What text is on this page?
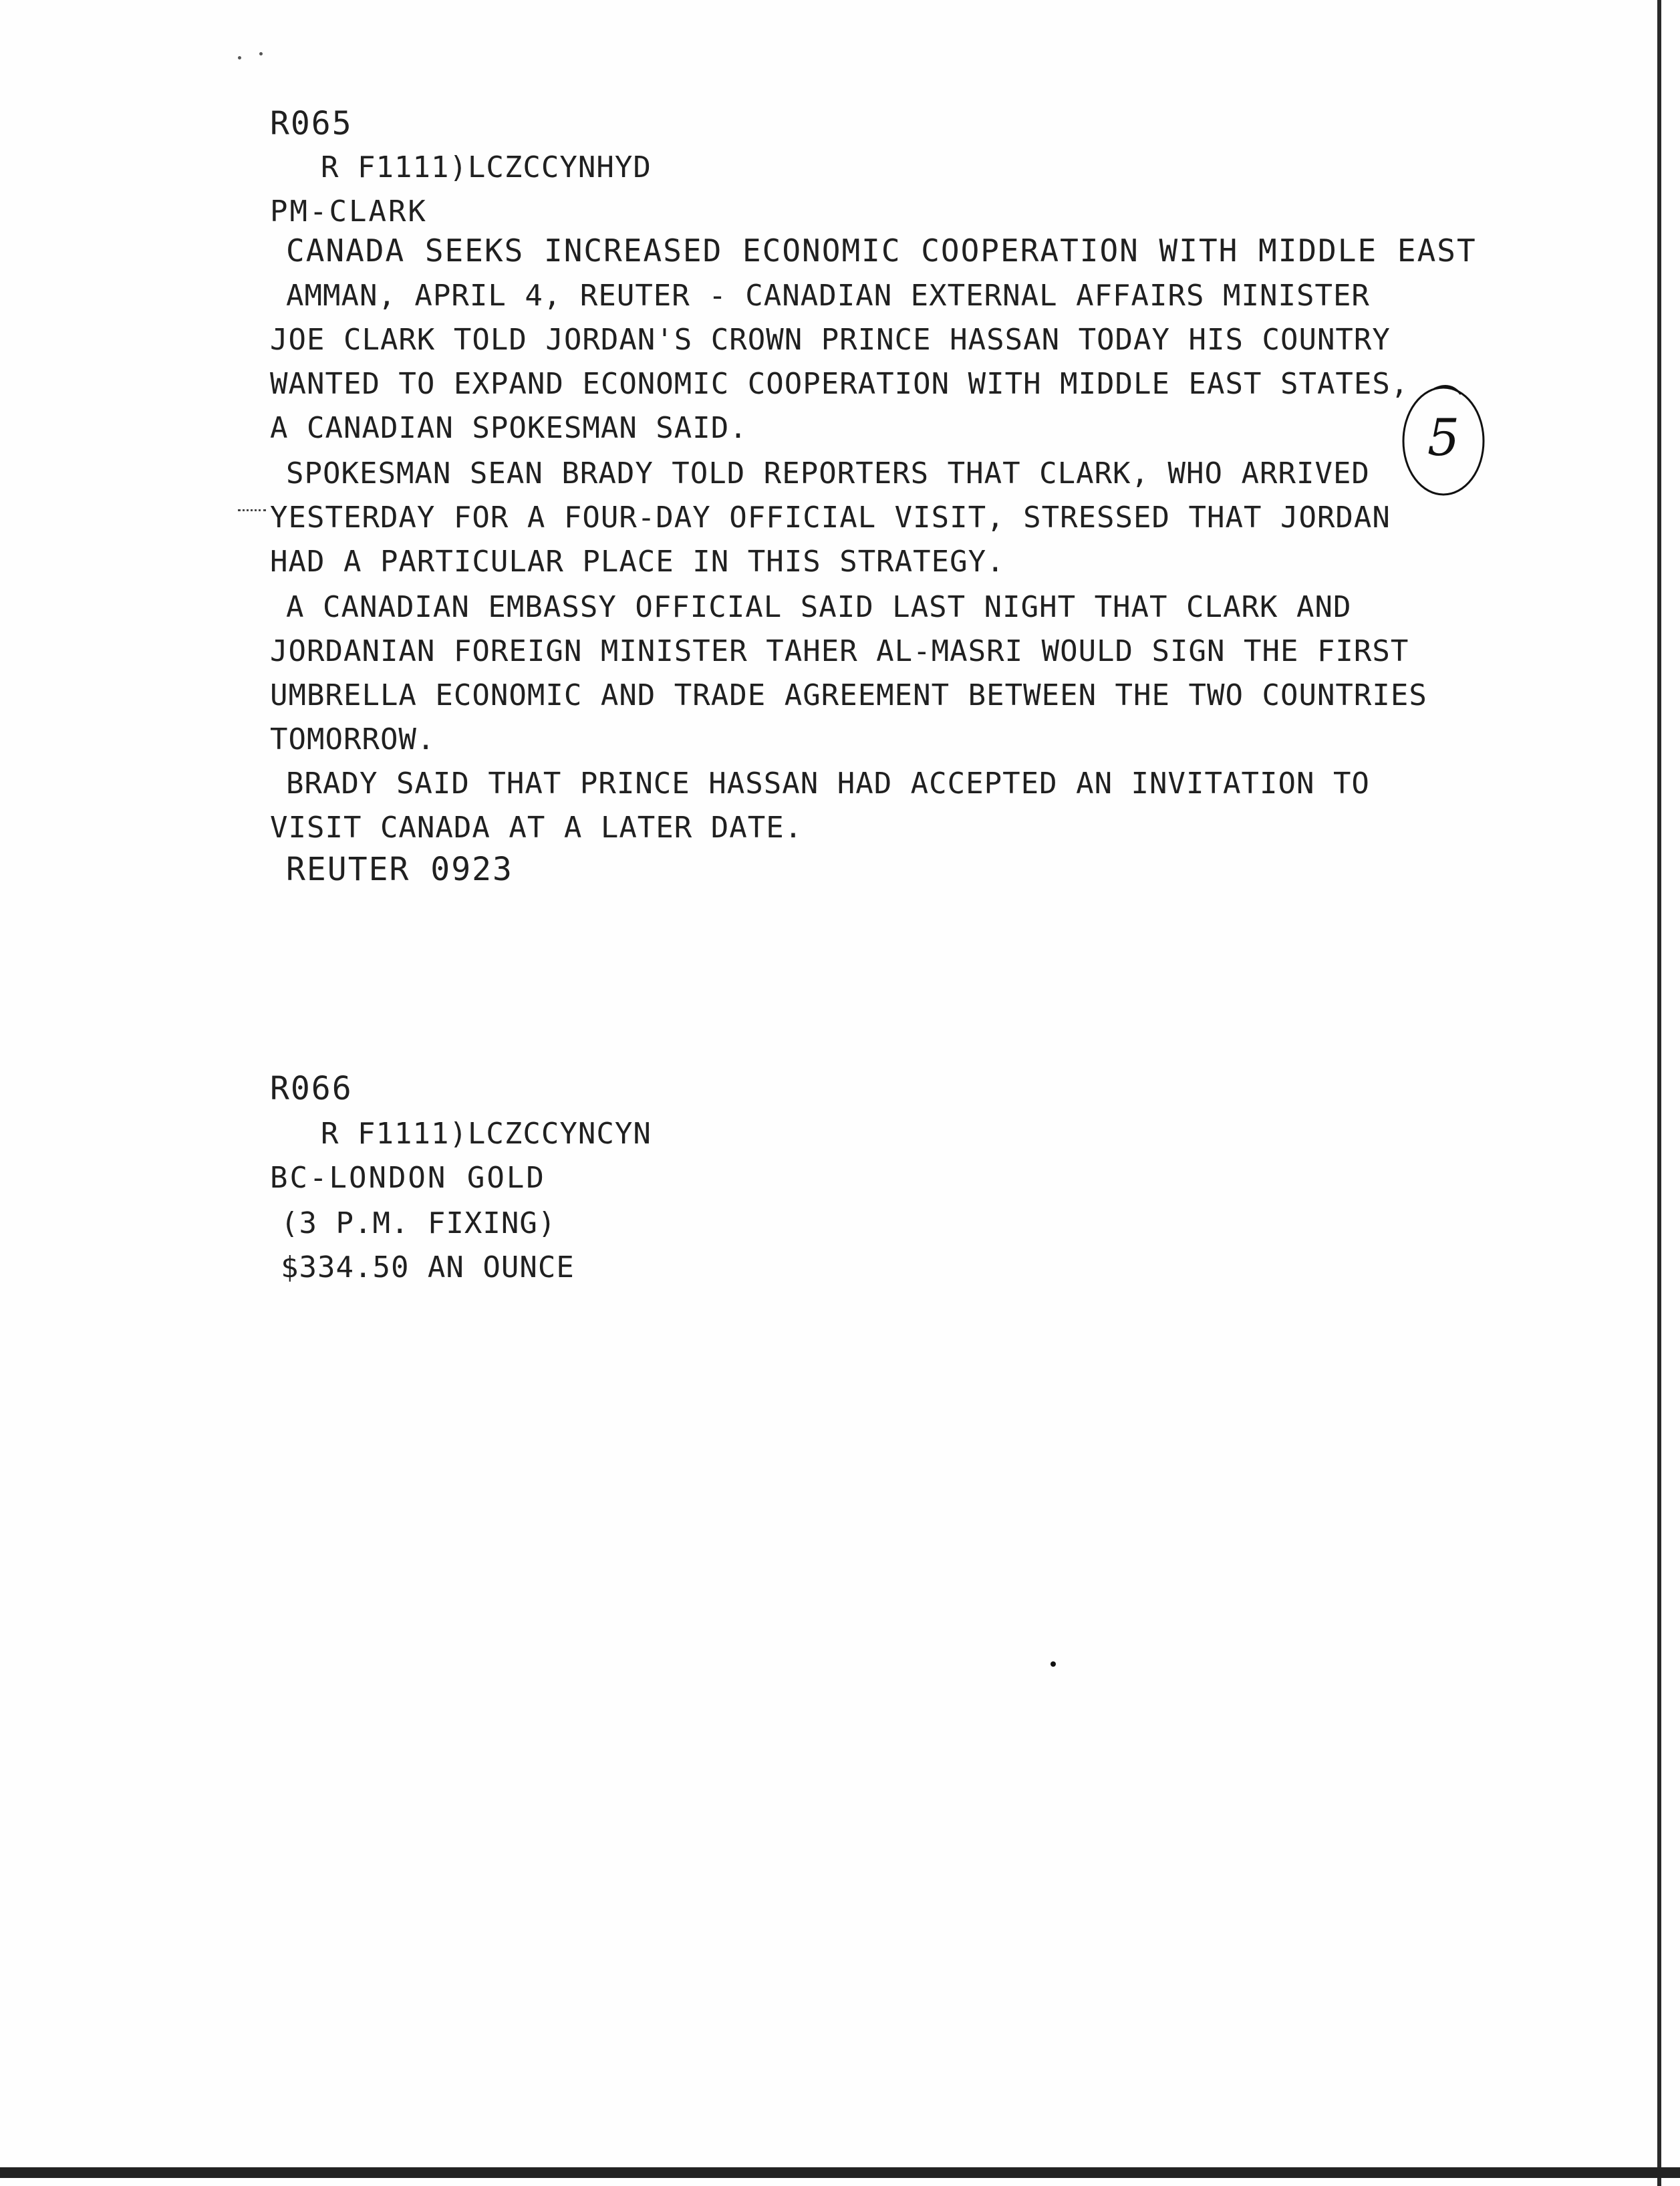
R065
R F1111)LCZCCYNHYD
PM-CLARK
CANADA SEEKS INCREASED ECONOMIC COOPERATION WITH MIDDLE EAST
AMMAN, APRIL 4, REUTER - CANADIAN EXTERNAL AFFAIRS MINISTER
JOE CLARK TOLD JORDAN'S CROWN PRINCE HASSAN TODAY HIS COUNTRY
WANTED TO EXPAND ECONOMIC COOPERATION WITH MIDDLE EAST STATES,
A CANADIAN SPOKESMAN SAID.
SPOKESMAN SEAN BRADY TOLD REPORTERS THAT CLARK, WHO ARRIVED
YESTERDAY FOR A FOUR-DAY OFFICIAL VISIT, STRESSED THAT JORDAN
HAD A PARTICULAR PLACE IN THIS STRATEGY.
A CANADIAN EMBASSY OFFICIAL SAID LAST NIGHT THAT CLARK AND
JORDANIAN FOREIGN MINISTER TAHER AL-MASRI WOULD SIGN THE FIRST
UMBRELLA ECONOMIC AND TRADE AGREEMENT BETWEEN THE TWO COUNTRIES
TOMORROW.
BRADY SAID THAT PRINCE HASSAN HAD ACCEPTED AN INVITATION TO
VISIT CANADA AT A LATER DATE.
REUTER 0923
R066
R F1111)LCZCCYNCYN
BC-LONDON GOLD
(3 P.M. FIXING)
$334.50 AN OUNCE
5
